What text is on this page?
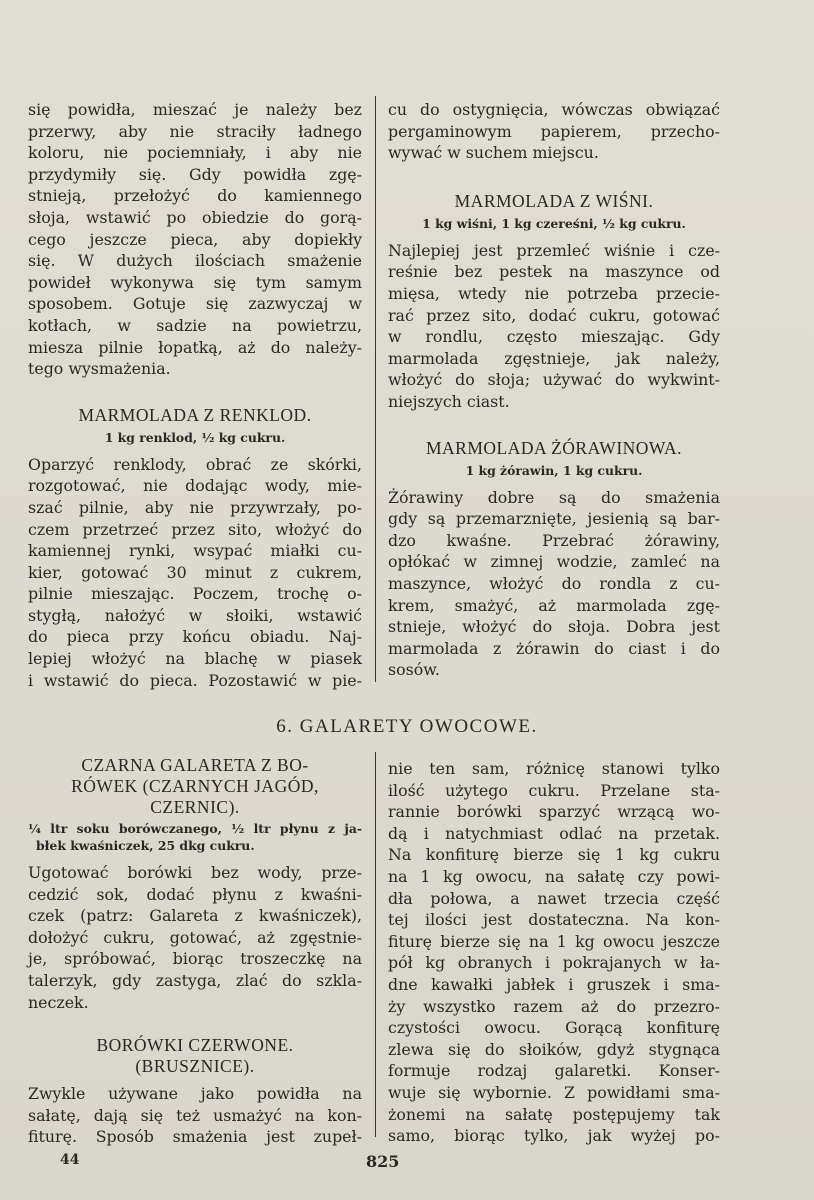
się powidła, mieszać je należy bez
przerwy, aby nie straciły ładnego
koloru, nie pociemniały, i aby nie
przydymiły się. Gdy powidła zgę-
stnieją, przełożyć do kamiennego
słoja, wstawić po obiedzie do gorą-
cego jeszcze pieca, aby dopiekły
się. W dużych ilościach smażenie
powideł wykonywa się tym samym
sposobem. Gotuje się zazwyczaj w
kotłach, w sadzie na powietrzu,
miesza pilnie łopatką, aż do należy-
tego wysmażenia.
MARMOLADA Z RENKLOD.

1 kg renklod, ½ kg cukru.

Oparzyć renklody, obrać ze skórki,
rozgotować, nie dodając wody, mie-
szać pilnie, aby nie przywrzały, po-
czem przetrzeć przez sito, włożyć do
kamiennej rynki, wsypać miałki cu-
kier, gotować 30 minut z cukrem,
pilnie mieszając. Poczem, trochę o-
stygłą, nałożyć w słoiki, wstawić
do pieca przy końcu obiadu. Naj-
lepiej włożyć na blachę w piasek
i wstawić do pieca. Pozostawić w pie-
cu do ostygnięcia, wówczas obwiązać
pergaminowym papierem, przecho-
wywać w suchem miejscu.
MARMOLADA Z WIŚNI.

1 kg wiśni, 1 kg czereśni, ½ kg cukru.

Najlepiej jest przemleć wiśnie i cze-
reśnie bez pestek na maszynce od
mięsa, wtedy nie potrzeba przecie-
rać przez sito, dodać cukru, gotować
w rondlu, często mieszając. Gdy
marmolada zgęstnieje, jak należy,
włożyć do słoja; używać do wykwint-
niejszych ciast.
MARMOLADA ŻÓRAWINOWA.

1 kg żórawin, 1 kg cukru.

Żórawiny dobre są do smażenia
gdy są przemarznięte, jesienią są bar-
dzo kwaśne. Przebrać żórawiny,
opłókać w zimnej wodzie, zamleć na
maszynce, włożyć do rondla z cu-
krem, smażyć, aż marmolada zgę-
stnieje, włożyć do słoja. Dobra jest
marmolada z żórawin do ciast i do
sosów.
6. GALARETY OWOCOWE.
CZARNA GALARETA Z BO-
RÓWEK (CZARNYCH JAGÓD,
CZERNIC).

¼ ltr soku borówczanego, ½ ltr płynu z ja-
błek kwaśniczek, 25 dkg cukru.

Ugotować borówki bez wody, prze-
cedzić sok, dodać płynu z kwaśni-
czek (patrz: Galareta z kwaśniczek),
dołożyć cukru, gotować, aż zgęstnie-
je, spróbować, biorąc troszeczkę na
talerzyk, gdy zastyga, zlać do szkla-
neczek.
BORÓWKI CZERWONE.
(BRUSZNICE).
Zwykle używane jako powidła na
sałatę, dają się też usmażyć na kon-
fiturę. Sposób smażenia jest zupeł-
nie ten sam, różnicę stanowi tylko
ilość użytego cukru. Przelane sta-
rannie borówki sparzyć wrzącą wo-
dą i natychmiast odlać na przetak.
Na konfiturę bierze się 1 kg cukru
na 1 kg owocu, na sałatę czy powi-
dła połowa, a nawet trzecia część
tej ilości jest dostateczna. Na kon-
fiturę bierze się na 1 kg owocu jeszcze
pół kg obranych i pokrajanych w ła-
dne kawałki jabłek i gruszek i sma-
ży wszystko razem aż do przezro-
czystości owocu. Gorącą konfiturę
zlewa się do słoików, gdyż stygnąca
formuje rodzaj galaretki. Konser-
wuje się wybornie. Z powidłami sma-
żonemi na sałatę postępujemy tak
samo, biorąc tylko, jak wyżej po-
44	825
